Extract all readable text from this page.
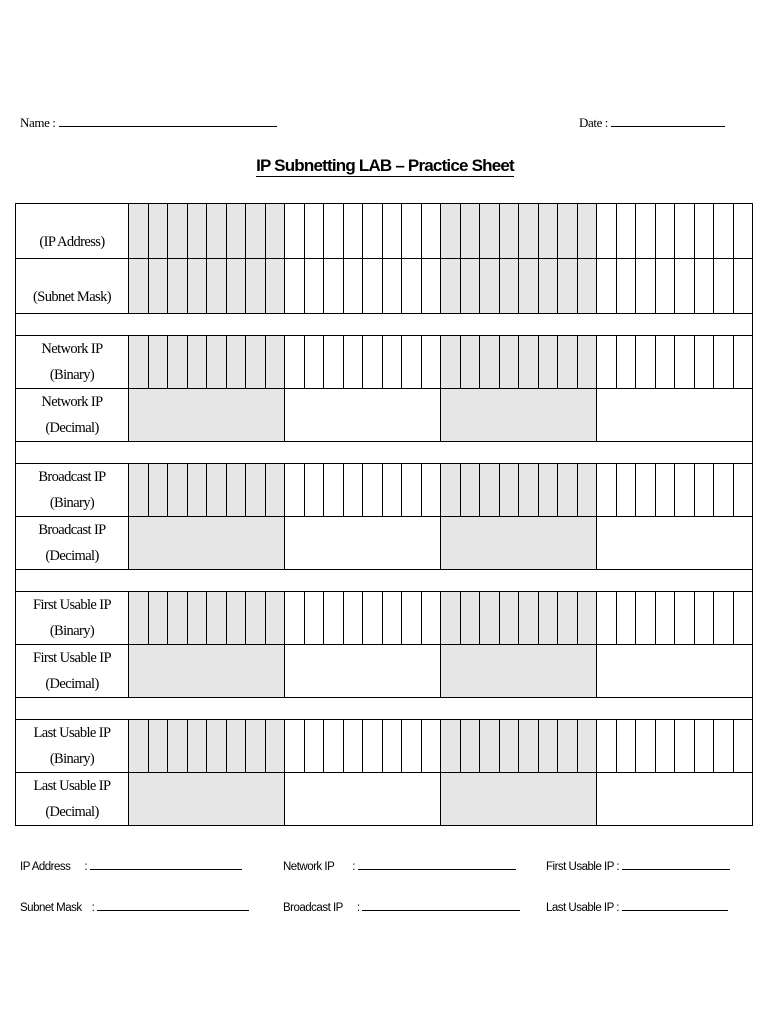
Name :	Date :
IP Subnetting LAB – Practice Sheet
(IP Address)																																
(Subnet Mask)																																

Network IP
(Binary)																																

Network IP
(Decimal)																																

Broadcast IP
(Binary)																																

Broadcast IP
(Decimal)																																

First Usable IP
(Binary)																																

First Usable IP
(Decimal)																																

Last Usable IP
(Binary)																																

Last Usable IP
(Decimal)																																

IP Address :
Subnet Mask :
Network IP :
Broadcast IP :
First Usable IP :
Last Usable IP :
